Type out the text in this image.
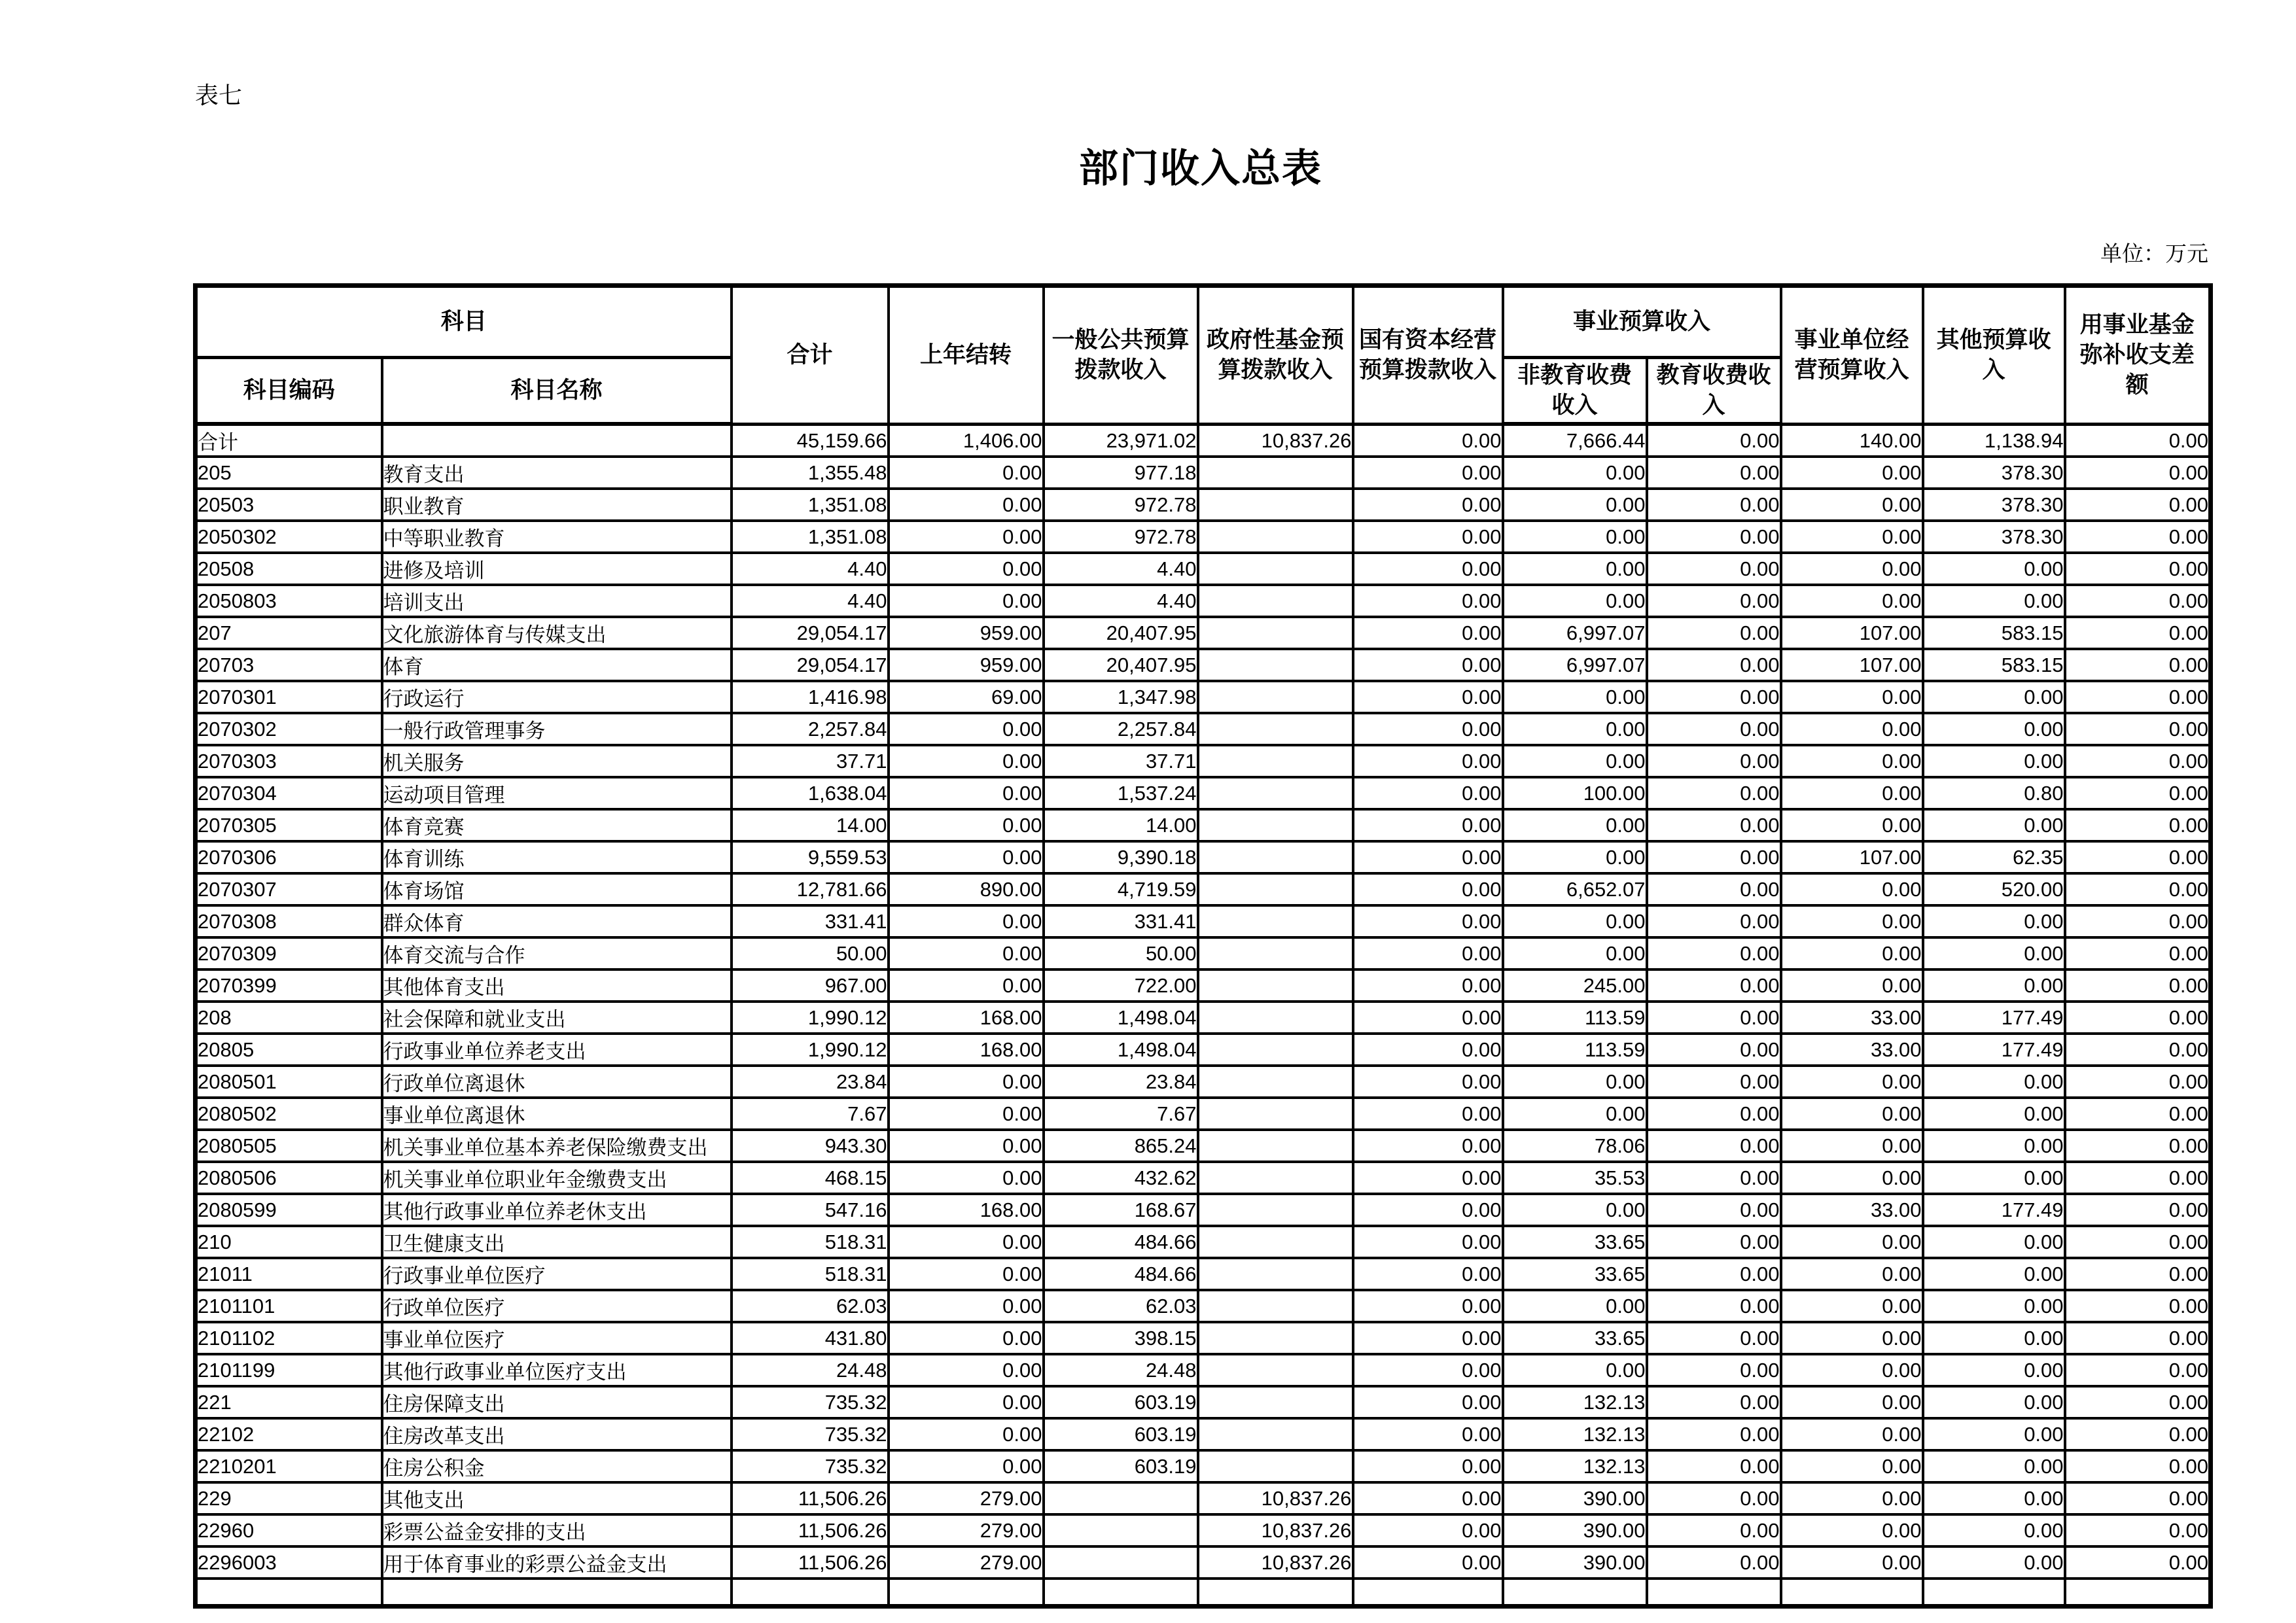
表七
部门收入总表
单位：万元
科目		合计	上年结转	一般公共预算拨款收入	政府性基金预算拨款收入	国有资本经营预算拨款收入	事业预算收入		事业单位经营预算收入	其他预算收入	用事业基金弥补收支差额
科目编码	科目名称						非教育收费收入	教育收费收入			
合计		45,159.66	1,406.00	23,971.02	10,837.26	0.00	7,666.44	0.00	140.00	1,138.94	0.00
205	教育支出	1,355.48	0.00	977.18		0.00	0.00	0.00	0.00	378.30	0.00
20503	职业教育	1,351.08	0.00	972.78		0.00	0.00	0.00	0.00	378.30	0.00
2050302	中等职业教育	1,351.08	0.00	972.78		0.00	0.00	0.00	0.00	378.30	0.00
20508	进修及培训	4.40	0.00	4.40		0.00	0.00	0.00	0.00	0.00	0.00
2050803	培训支出	4.40	0.00	4.40		0.00	0.00	0.00	0.00	0.00	0.00
207	文化旅游体育与传媒支出	29,054.17	959.00	20,407.95		0.00	6,997.07	0.00	107.00	583.15	0.00
20703	体育	29,054.17	959.00	20,407.95		0.00	6,997.07	0.00	107.00	583.15	0.00
2070301	行政运行	1,416.98	69.00	1,347.98		0.00	0.00	0.00	0.00	0.00	0.00
2070302	一般行政管理事务	2,257.84	0.00	2,257.84		0.00	0.00	0.00	0.00	0.00	0.00
2070303	机关服务	37.71	0.00	37.71		0.00	0.00	0.00	0.00	0.00	0.00
2070304	运动项目管理	1,638.04	0.00	1,537.24		0.00	100.00	0.00	0.00	0.80	0.00
2070305	体育竞赛	14.00	0.00	14.00		0.00	0.00	0.00	0.00	0.00	0.00
2070306	体育训练	9,559.53	0.00	9,390.18		0.00	0.00	0.00	107.00	62.35	0.00
2070307	体育场馆	12,781.66	890.00	4,719.59		0.00	6,652.07	0.00	0.00	520.00	0.00
2070308	群众体育	331.41	0.00	331.41		0.00	0.00	0.00	0.00	0.00	0.00
2070309	体育交流与合作	50.00	0.00	50.00		0.00	0.00	0.00	0.00	0.00	0.00
2070399	其他体育支出	967.00	0.00	722.00		0.00	245.00	0.00	0.00	0.00	0.00
208	社会保障和就业支出	1,990.12	168.00	1,498.04		0.00	113.59	0.00	33.00	177.49	0.00
20805	行政事业单位养老支出	1,990.12	168.00	1,498.04		0.00	113.59	0.00	33.00	177.49	0.00
2080501	行政单位离退休	23.84	0.00	23.84		0.00	0.00	0.00	0.00	0.00	0.00
2080502	事业单位离退休	7.67	0.00	7.67		0.00	0.00	0.00	0.00	0.00	0.00
2080505	机关事业单位基本养老保险缴费支出	943.30	0.00	865.24		0.00	78.06	0.00	0.00	0.00	0.00
2080506	机关事业单位职业年金缴费支出	468.15	0.00	432.62		0.00	35.53	0.00	0.00	0.00	0.00
2080599	其他行政事业单位养老休支出	547.16	168.00	168.67		0.00	0.00	0.00	33.00	177.49	0.00
210	卫生健康支出	518.31	0.00	484.66		0.00	33.65	0.00	0.00	0.00	0.00
21011	行政事业单位医疗	518.31	0.00	484.66		0.00	33.65	0.00	0.00	0.00	0.00
2101101	行政单位医疗	62.03	0.00	62.03		0.00	0.00	0.00	0.00	0.00	0.00
2101102	事业单位医疗	431.80	0.00	398.15		0.00	33.65	0.00	0.00	0.00	0.00
2101199	其他行政事业单位医疗支出	24.48	0.00	24.48		0.00	0.00	0.00	0.00	0.00	0.00
221	住房保障支出	735.32	0.00	603.19		0.00	132.13	0.00	0.00	0.00	0.00
22102	住房改革支出	735.32	0.00	603.19		0.00	132.13	0.00	0.00	0.00	0.00
2210201	住房公积金	735.32	0.00	603.19		0.00	132.13	0.00	0.00	0.00	0.00
229	其他支出	11,506.26	279.00		10,837.26	0.00	390.00	0.00	0.00	0.00	0.00
22960	彩票公益金安排的支出	11,506.26	279.00		10,837.26	0.00	390.00	0.00	0.00	0.00	0.00
2296003	用于体育事业的彩票公益金支出	11,506.26	279.00		10,837.26	0.00	390.00	0.00	0.00	0.00	0.00
